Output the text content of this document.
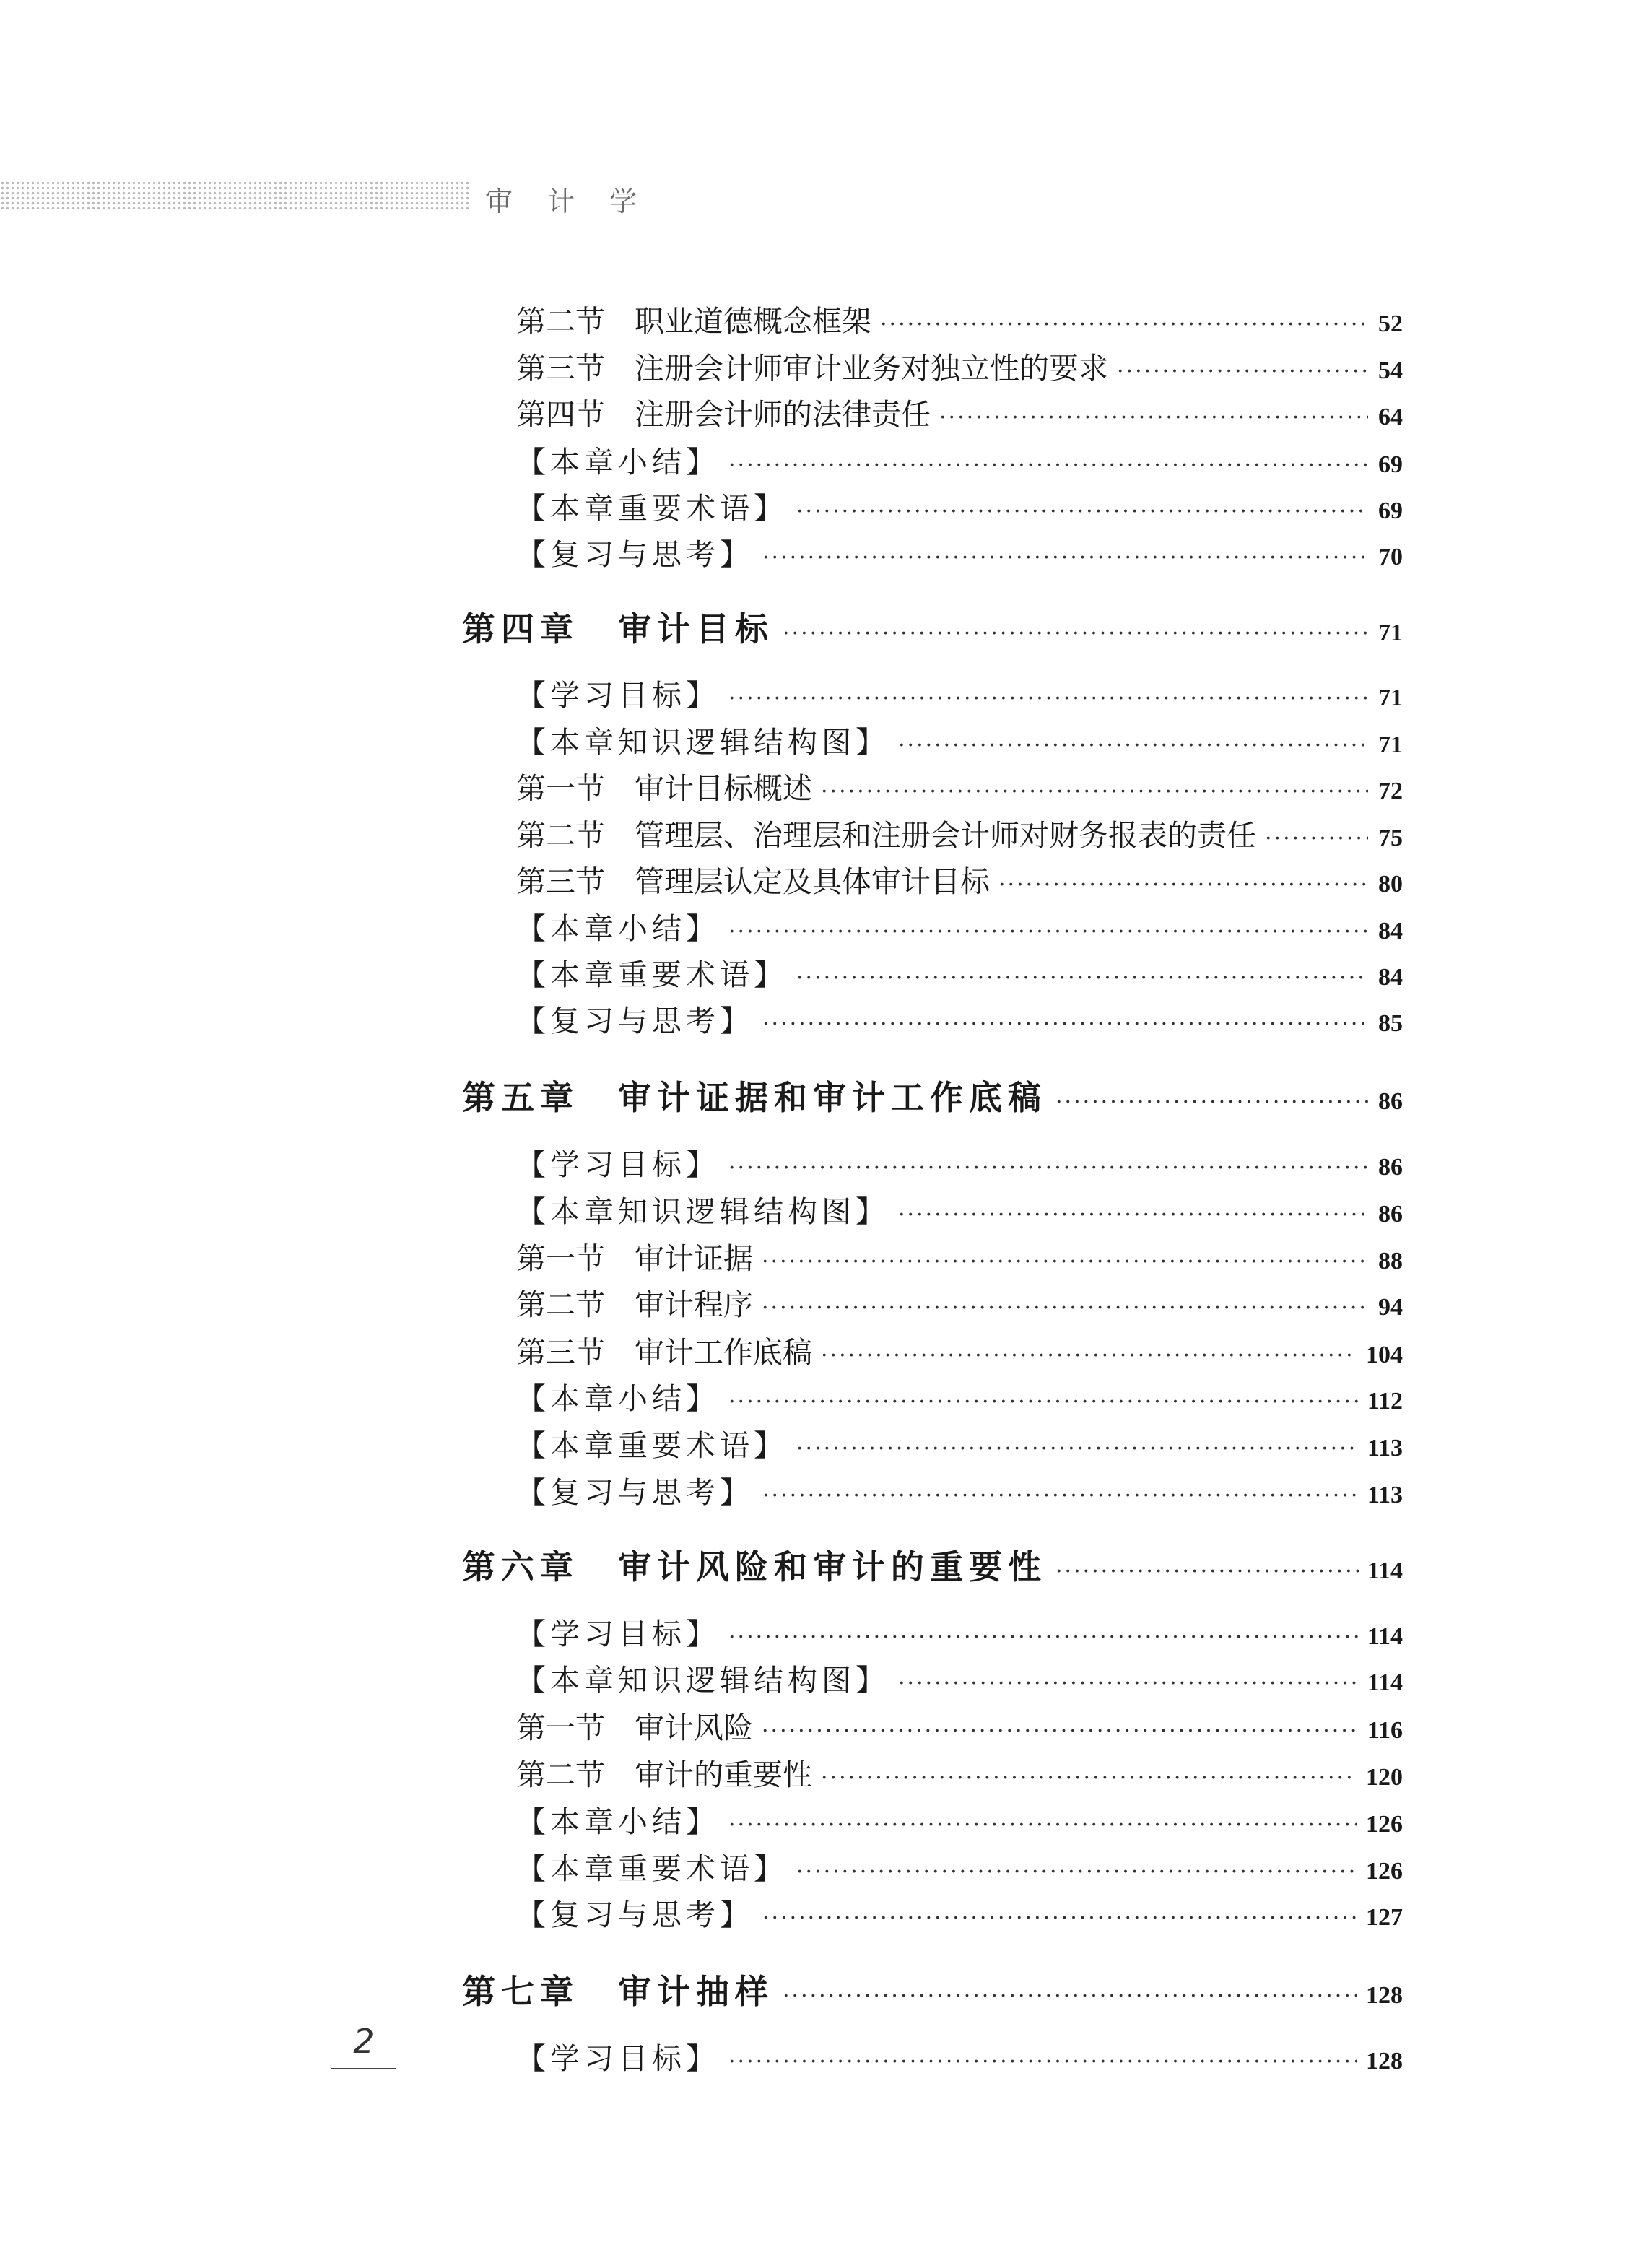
审 计 学
第二节　职业道德概念框架 ·····	52
第三节　注册会计师审计业务对独立性的要求 ·····	54
第四节　注册会计师的法律责任 ·····	64
【本章小结】 ·····	69
【本章重要术语】 ·····	69
【复习与思考】 ·····	70
第四章　审计目标 ·····	71
【学习目标】 ·····	71
【本章知识逻辑结构图】 ·····	71
第一节　审计目标概述 ·····	72
第二节　管理层、治理层和注册会计师对财务报表的责任 ·····	75
第三节　管理层认定及具体审计目标 ·····	80
【本章小结】 ·····	84
【本章重要术语】 ·····	84
【复习与思考】 ·····	85
第五章　审计证据和审计工作底稿 ·····	86
【学习目标】 ·····	86
【本章知识逻辑结构图】 ·····	86
第一节　审计证据 ·····	88
第二节　审计程序 ·····	94
第三节　审计工作底稿 ·····	104
【本章小结】 ·····	112
【本章重要术语】 ·····	113
【复习与思考】 ·····	113
第六章　审计风险和审计的重要性 ·····	114
【学习目标】 ·····	114
【本章知识逻辑结构图】 ·····	114
第一节　审计风险 ·····	116
第二节　审计的重要性 ·····	120
【本章小结】 ·····	126
【本章重要术语】 ·····	126
【复习与思考】 ·····	127
第七章　审计抽样 ·····	128
【学习目标】 ·····	128
2
